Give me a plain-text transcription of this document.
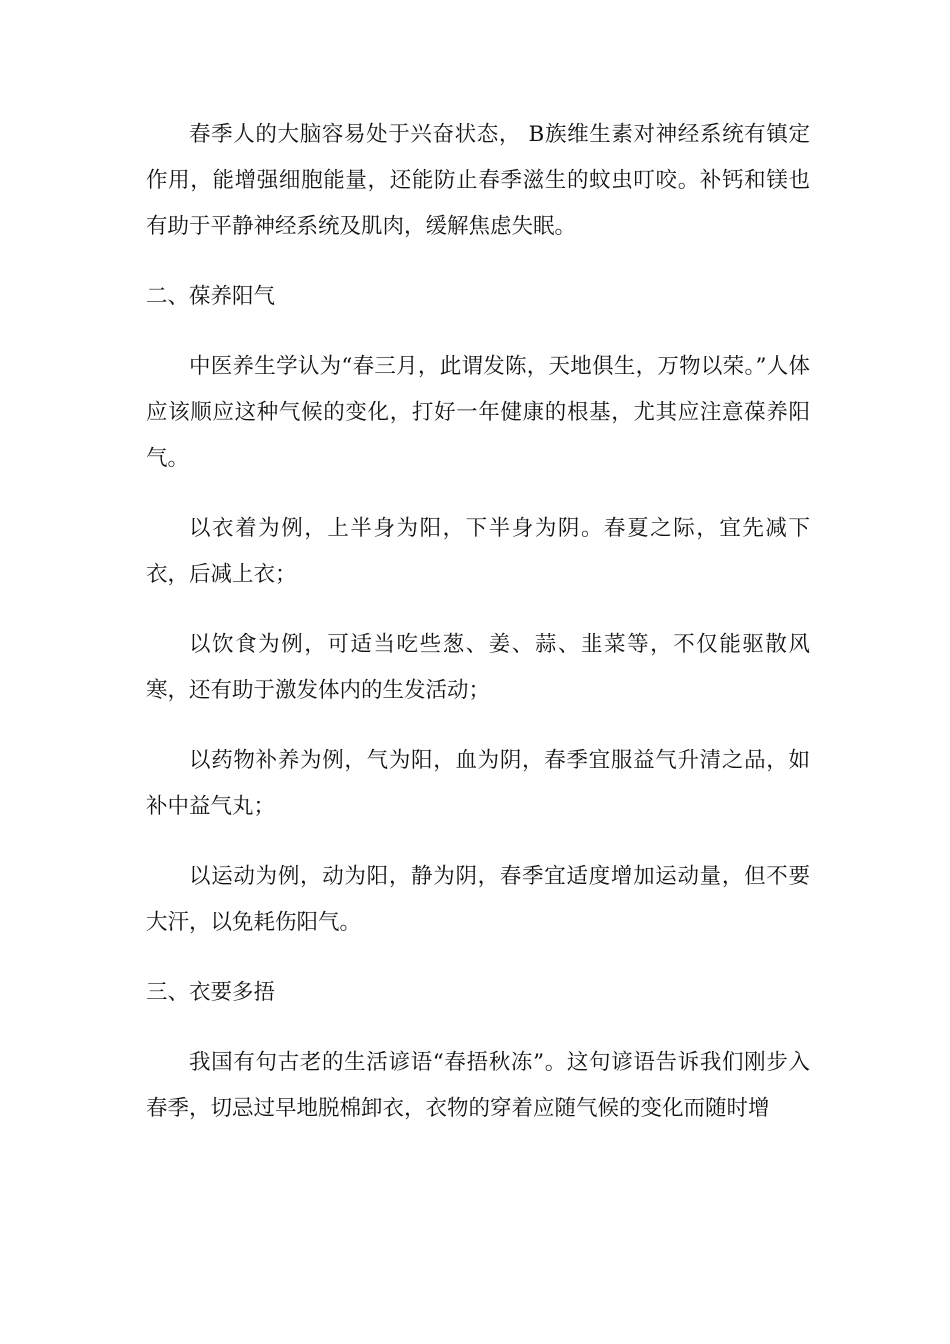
春季人的大脑容易处于兴奋状态， B族维生素对神经系统有镇定作用，能增强细胞能量，还能防止春季滋生的蚊虫叮咬。补钙和镁也有助于平静神经系统及肌肉，缓解焦虑失眠。

二、葆养阳气

中医养生学认为“春三月，此谓发陈，天地俱生，万物以荣。”人体应该顺应这种气候的变化，打好一年健康的根基，尤其应注意葆养阳气。

以衣着为例，上半身为阳，下半身为阴。春夏之际，宜先减下衣，后减上衣；

以饮食为例，可适当吃些葱、姜、蒜、韭菜等，不仅能驱散风寒，还有助于激发体内的生发活动；

以药物补养为例，气为阳，血为阴，春季宜服益气升清之品，如补中益气丸；

以运动为例，动为阳，静为阴，春季宜适度增加运动量，但不要大汗，以免耗伤阳气。

三、衣要多捂

我国有句古老的生活谚语“春捂秋冻”。这句谚语告诉我们刚步入春季，切忌过早地脱棉卸衣，衣物的穿着应随气候的变化而随时增
